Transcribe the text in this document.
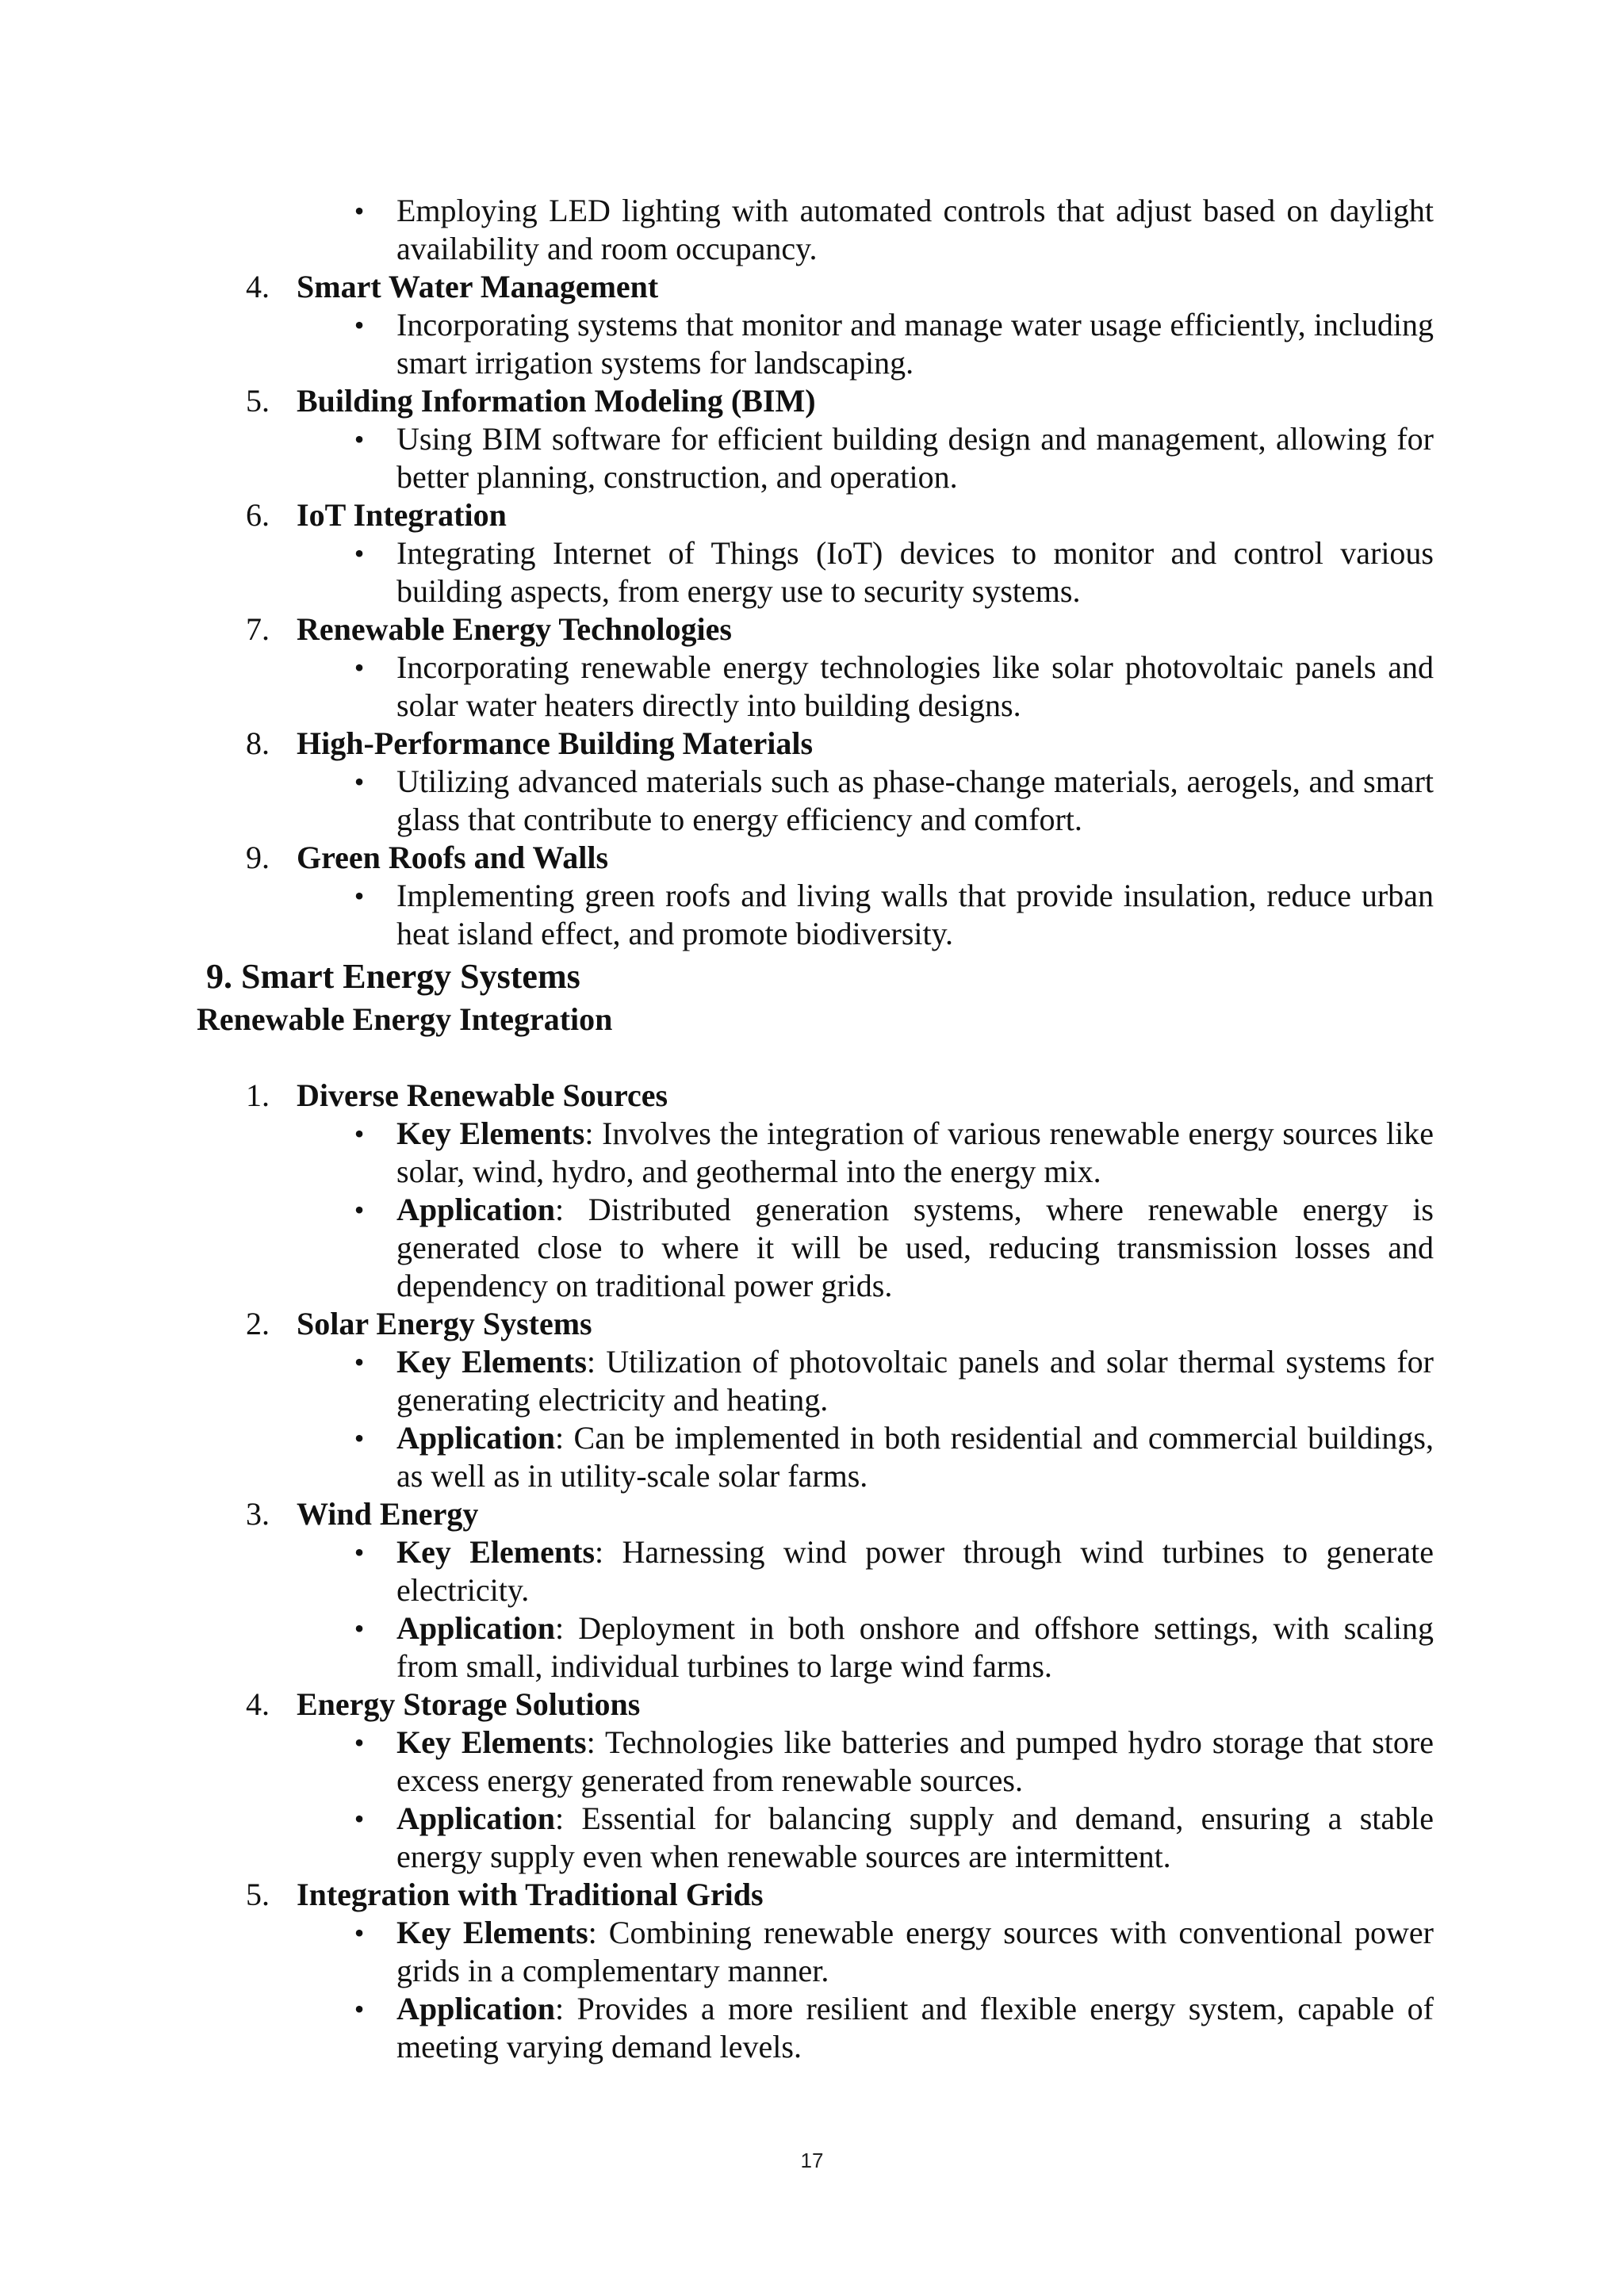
• Employing LED lighting with automated controls that adjust based on daylight availability and room occupancy.
4. Smart Water Management
• Incorporating systems that monitor and manage water usage efficiently, including smart irrigation systems for landscaping.
5. Building Information Modeling (BIM)
• Using BIM software for efficient building design and management, allowing for better planning, construction, and operation.
6. IoT Integration
• Integrating Internet of Things (IoT) devices to monitor and control various building aspects, from energy use to security systems.
7. Renewable Energy Technologies
• Incorporating renewable energy technologies like solar photovoltaic panels and solar water heaters directly into building designs.
8. High-Performance Building Materials
• Utilizing advanced materials such as phase-change materials, aerogels, and smart glass that contribute to energy efficiency and comfort.
9. Green Roofs and Walls
• Implementing green roofs and living walls that provide insulation, reduce urban heat island effect, and promote biodiversity.
9. Smart Energy Systems
Renewable Energy Integration
1. Diverse Renewable Sources
• Key Elements: Involves the integration of various renewable energy sources like solar, wind, hydro, and geothermal into the energy mix.
• Application: Distributed generation systems, where renewable energy is generated close to where it will be used, reducing transmission losses and dependency on traditional power grids.
2. Solar Energy Systems
• Key Elements: Utilization of photovoltaic panels and solar thermal systems for generating electricity and heating.
• Application: Can be implemented in both residential and commercial buildings, as well as in utility-scale solar farms.
3. Wind Energy
• Key Elements: Harnessing wind power through wind turbines to generate electricity.
• Application: Deployment in both onshore and offshore settings, with scaling from small, individual turbines to large wind farms.
4. Energy Storage Solutions
• Key Elements: Technologies like batteries and pumped hydro storage that store excess energy generated from renewable sources.
• Application: Essential for balancing supply and demand, ensuring a stable energy supply even when renewable sources are intermittent.
5. Integration with Traditional Grids
• Key Elements: Combining renewable energy sources with conventional power grids in a complementary manner.
• Application: Provides a more resilient and flexible energy system, capable of meeting varying demand levels.
17
